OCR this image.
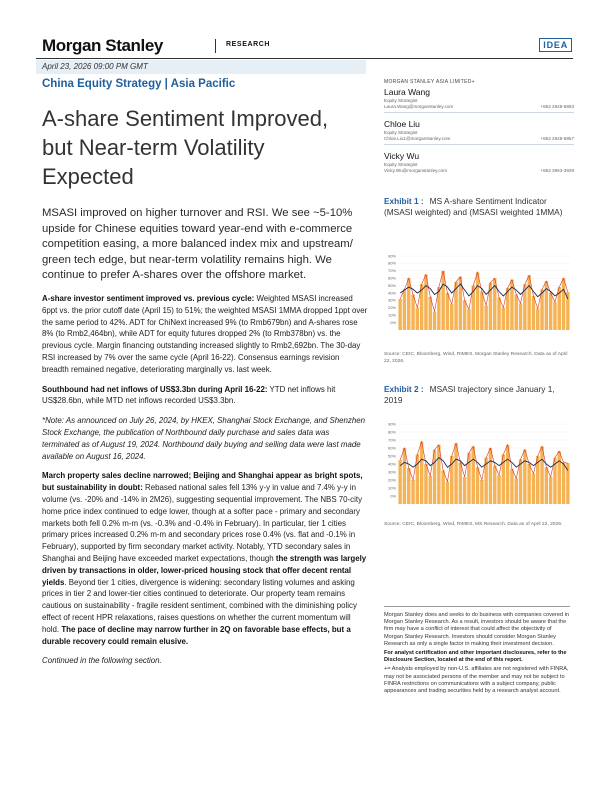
Morgan Stanley	RESEARCH	IDEA
April 23, 2026 09:00 PM GMT
China Equity Strategy | Asia Pacific
A-share Sentiment Improved, but Near-term Volatility Expected
MSASI improved on higher turnover and RSI. We see ~5-10% upside for Chinese equities toward year-end with e-commerce competition easing, a more balanced index mix and upstream/ green tech edge, but near-term volatility remains high. We continue to prefer A-shares over the offshore market.

A-share investor sentiment improved vs. previous cycle: Weighted MSASI increased 6ppt vs. the prior cutoff date (April 15) to 51%; the weighted MSASI 1MMA dropped 1ppt over the same period to 42%. ADT for ChiNext increased 9% (to Rmb679bn) and A-shares rose 8% (to Rmb2,464bn), while ADT for equity futures dropped 2% (to Rmb378bn) vs. the previous cycle. Margin financing outstanding increased slightly to Rmb2,692bn. The 30-day RSI increased by 7% over the same cycle (April 16-22). Consensus earnings revision breadth remained negative, deteriorating marginally vs. last week.

Southbound had net inflows of US$3.3bn during April 16-22: YTD net inflows hit US$28.6bn, while MTD net inflows recorded US$3.3bn.

*Note: As announced on July 26, 2024, by HKEX, Shanghai Stock Exchange, and Shenzhen Stock Exchange, the publication of Northbound daily purchase and sales data was terminated as of August 19, 2024. Northbound daily buying and selling data were last made available on August 16, 2024.

March property sales decline narrowed; Beijing and Shanghai appear as bright spots, but sustainability in doubt: Rebased national sales fell 13% y-y in value and 7.4% y-y in volume (vs. -20% and -14% in 2M26), suggesting sequential improvement. The NBS 70-city home price index continued to edge lower, though at a softer pace - primary and secondary markets both fell 0.2% m-m (vs. -0.3% and -0.4% in February). In particular, tier 1 cities primary prices increased 0.2% m-m and secondary prices rose 0.4% (vs. flat and -0.1% in February), supported by firm secondary market activity. Notably, YTD secondary sales in Shanghai and Beijing have exceeded market expectations, though the strength was largely driven by transactions in older, lower-priced housing stock that offer decent rental yields. Beyond tier 1 cities, divergence is widening: secondary listing volumes and asking prices in tier 2 and lower-tier cities continued to deteriorate. Our property team remains cautious on sustainability - fragile resident sentiment, combined with the diminishing policy effect of recent HPR relaxations, raises questions on whether the current momentum will hold. The pace of decline may narrow further in 2Q on favorable base effects, but a durable recovery could remain elusive.

Continued in the following section.

MORGAN STANLEY ASIA LIMITED+
Laura Wang
Equity Strategist
Laura.Wang@morganstanley.com	+852 2848-5853
Chloe Liu
Equity Strategist
Chloe.Liu1@morganstanley.com	+852 2848-5857
Vicky Wu
Equity Strategist
Vicky.Wu@morganstanley.com	+852 3963-3928
Exhibit 1 : MS A-share Sentiment Indicator (MSASI weighted) and (MSASI weighted 1MMA)
90%
80%
70%
60%
50%
40%
30%
20%
10%
0%
Source: CEIC, Bloomberg, Wind, RIMES, Morgan Stanley Research. Data as of April 22, 2026.
Exhibit 2 : MSASI trajectory since January 1, 2019
90%
80%
70%
60%
50%
40%
30%
20%
10%
0%
Source: CEIC, Bloomberg, Wind, RIMES, MS Research. Data as of April 22, 2026.

Morgan Stanley does and seeks to do business with companies covered in Morgan Stanley Research. As a result, investors should be aware that the firm may have a conflict of interest that could affect the objectivity of Morgan Stanley Research. Investors should consider Morgan Stanley Research as only a single factor in making their investment decision.

For analyst certification and other important disclosures, refer to the Disclosure Section, located at the end of this report.

+= Analysts employed by non-U.S. affiliates are not registered with FINRA, may not be associated persons of the member and may not be subject to FINRA restrictions on communications with a subject company, public appearances and trading securities held by a research analyst account.
